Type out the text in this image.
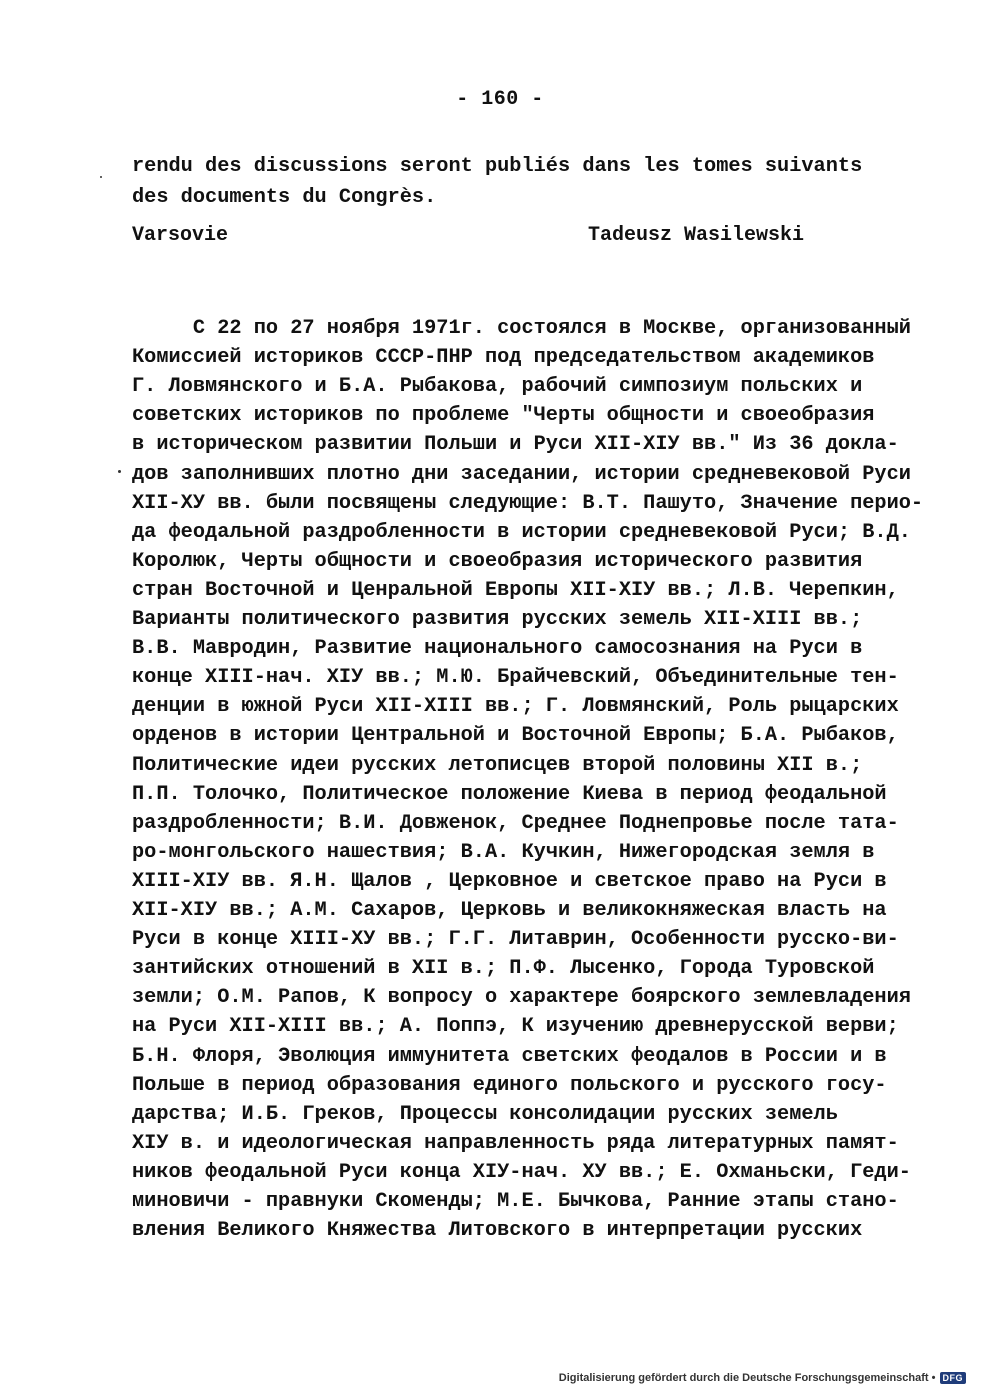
- 160 -
rendu des discussions seront publiés dans les tomes suivants
des documents du Congrès.
Varsovie	Tadeusz Wasilewski
С 22 по 27 ноября 1971г. состоялся в Москве, организованный
Комиссией историков СССР-ПНР под председательством академиков
Г. Ловмянского и Б.А. Рыбакова, рабочий симпозиум польских и
советских историков по проблеме "Черты общности и своеобразия
в историческом развитии Польши и Руси XII-XIУ вв." Из 36 доклa-
дов заполнивших плотно дни заседании, истории средневековой Руси
XII-XУ вв. были посвящены следующие: В.Т. Пашуто, Значение перио-
да феодальной раздробленности в истории средневековой Руси; В.Д.
Королюк, Черты общности и своеобразия исторического развития
стран Восточной и Ценральной Европы XII-XIУ вв.; Л.В. Черепкин,
Варианты политического развития русских земель XII-XIII вв.;
В.В. Мавродин, Развитие национального самосознания на Руси в
конце XIII-нач. XIУ вв.; М.Ю. Брайчевский, Объединительные тен-
денции в южной Руси XII-XIII вв.; Г. Ловмянский, Роль рыцарских
орденов в истории Центральной и Восточной Европы; Б.А. Рыбаков,
Политические идеи русских летописцев второй половины XII в.;
П.П. Толочко, Политическое положение Киева в период феодальной
раздробленности; В.И. Довженок, Среднее Поднепровье после тата-
ро-монгольского нашествия; В.А. Кучкин, Нижегородская земля в
XIII-XIУ вв. Я.Н. Щалов , Церковное и светское право на Руси в
XII-XIУ вв.; А.М. Сахаров, Церковь и великокняжеская власть на
Руси в конце XIII-XУ вв.; Г.Г. Литаврин, Особенности русско-ви-
зантийских отношений в XII в.; П.Ф. Лысенко, Города Туровской
земли; О.М. Рапов, К вопросу о характере боярского землевладения
на Руси XII-XIII вв.; А. Поппэ, К изучению древнерусской верви;
Б.Н. Флоря, Эволюция иммунитета светских феодалов в России и в
Польше в период образования единого польского и русского госу-
дарства; И.Б. Греков, Процессы консолидации русских земель
XIУ в. и идеологическая направленность ряда литературных памят-
ников феодальной Руси конца XIУ-нач. XУ вв.; Е. Охманьски, Геди-
миновичи - правнуки Скоменды; М.Е. Бычкова, Ранние этапы стано-
вления Великого Княжества Литовского в интерпретации русских
Digitalisierung gefördert durch die Deutsche Forschungsgemeinschaft • DFG
